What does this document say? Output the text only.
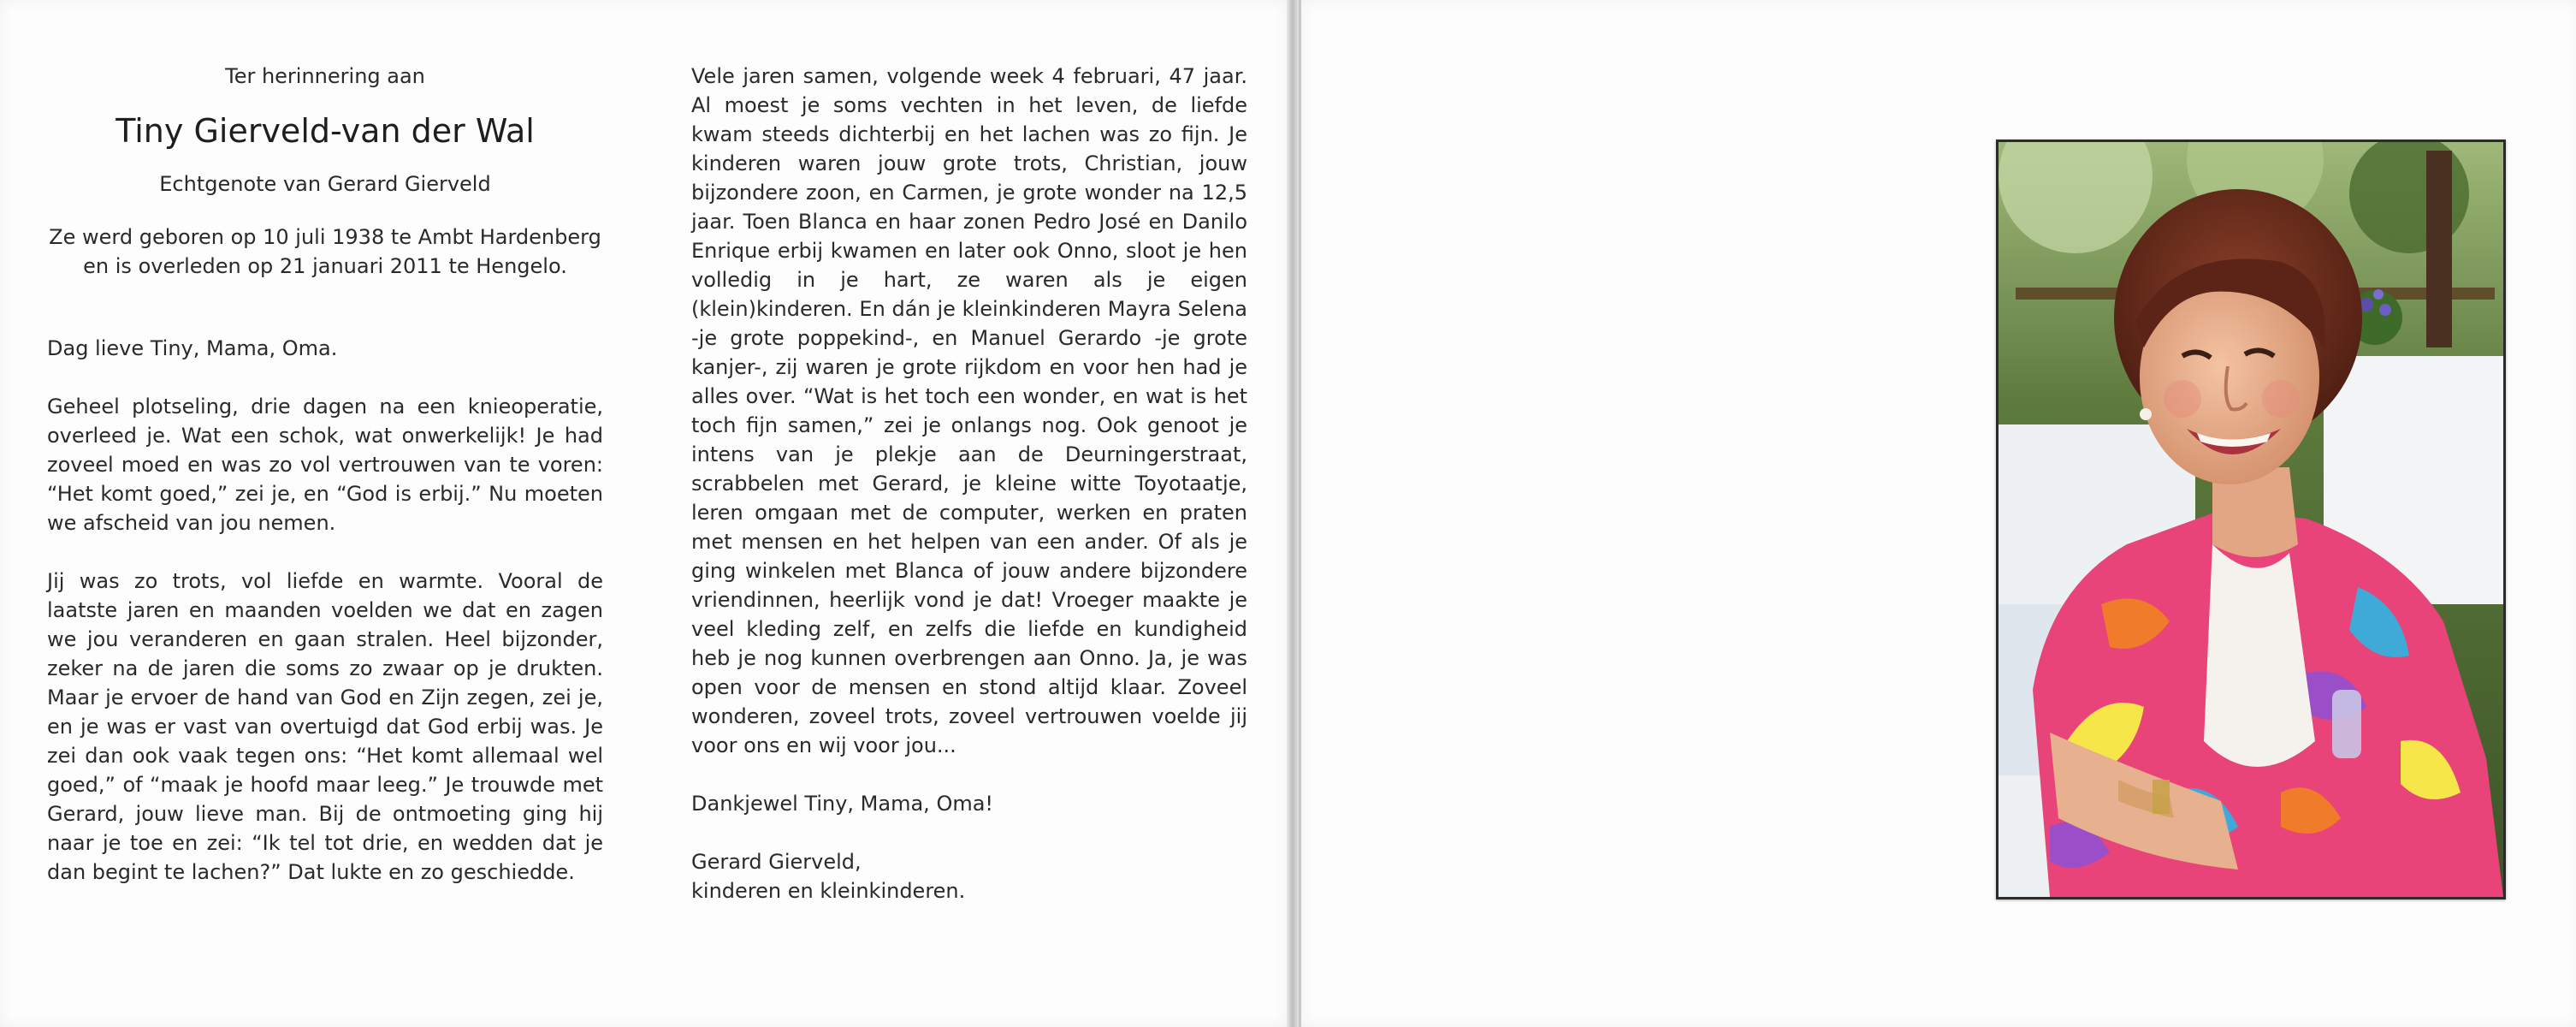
Ter herinnering aan
Tiny Gierveld-van der Wal
Echtgenote van Gerard Gierveld
Ze werd geboren op 10 juli 1938 te Ambt Hardenberg
en is overleden op 21 januari 2011 te Hengelo.

Dag lieve Tiny, Mama, Oma.

Geheel plotseling, drie dagen na een knieoperatie, overleed je. Wat een schok, wat onwerkelijk! Je had zoveel moed en was zo vol vertrouwen van te voren: “Het komt goed,” zei je, en “God is erbij.” Nu moeten we afscheid van jou nemen.

Jij was zo trots, vol liefde en warmte. Vooral de laatste jaren en maanden voelden we dat en zagen we jou veranderen en gaan stralen. Heel bijzonder, zeker na de jaren die soms zo zwaar op je drukten. Maar je ervoer de hand van God en Zijn zegen, zei je, en je was er vast van overtuigd dat God erbij was. Je zei dan ook vaak tegen ons: “Het komt allemaal wel goed,” of “maak je hoofd maar leeg.” Je trouwde met Gerard, jouw lieve man. Bij de ontmoeting ging hij naar je toe en zei: “Ik tel tot drie, en wedden dat je dan begint te lachen?” Dat lukte en zo geschiedde.

Vele jaren samen, volgende week 4 februari, 47 jaar. Al moest je soms vechten in het leven, de liefde kwam steeds dichterbij en het lachen was zo fijn. Je kinderen waren jouw grote trots, Christian, jouw bijzondere zoon, en Carmen, je grote wonder na 12,5 jaar. Toen Blanca en haar zonen Pedro José en Danilo Enrique erbij kwamen en later ook Onno, sloot je hen volledig in je hart, ze waren als je eigen (klein)kinderen. En dán je kleinkinderen Mayra Selena -je grote poppekind-, en Manuel Gerardo -je grote kanjer-, zij waren je grote rijkdom en voor hen had je alles over. “Wat is het toch een wonder, en wat is het toch fijn samen,” zei je onlangs nog. Ook genoot je intens van je plekje aan de Deurningerstraat, scrabbelen met Gerard, je kleine witte Toyotaatje, leren omgaan met de computer, werken en praten met mensen en het helpen van een ander. Of als je ging winkelen met Blanca of jouw andere bijzondere vriendinnen, heerlijk vond je dat! Vroeger maakte je veel kleding zelf, en zelfs die liefde en kundigheid heb je nog kunnen overbrengen aan Onno. Ja, je was open voor de mensen en stond altijd klaar. Zoveel wonderen, zoveel trots, zoveel vertrouwen voelde jij voor ons en wij voor jou...

Dankjewel Tiny, Mama, Oma!

Gerard Gierveld,
kinderen en kleinkinderen.
